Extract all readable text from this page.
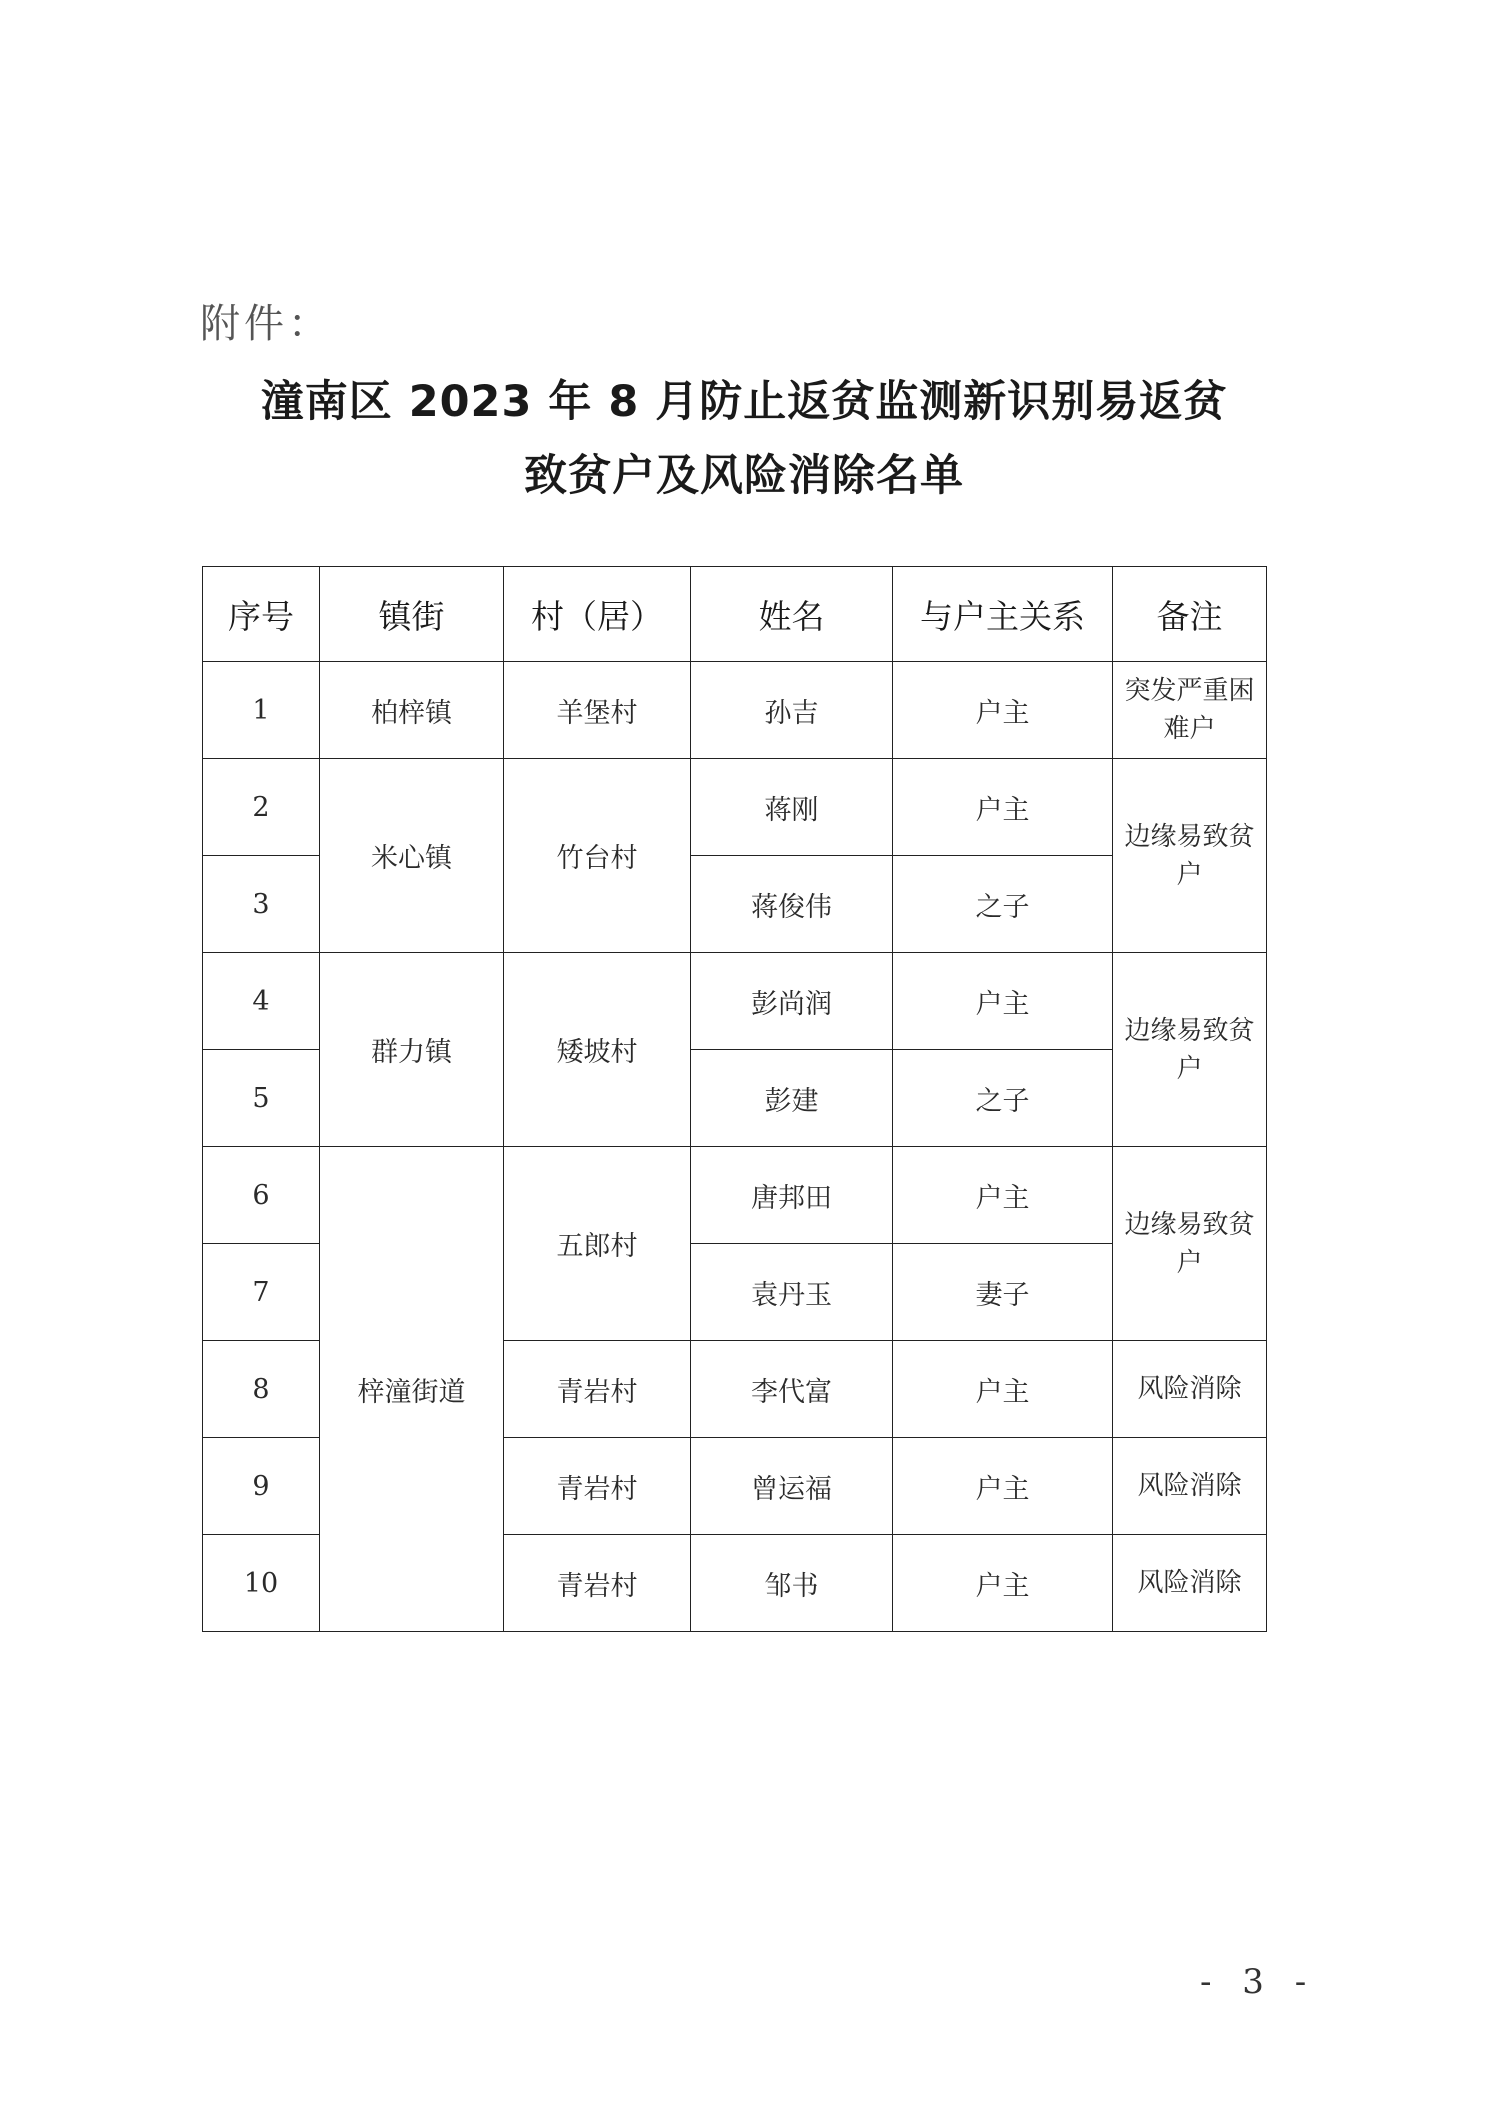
附件：
潼南区 2023 年 8 月防止返贫监测新识别易返贫
致贫户及风险消除名单
序号	镇街	村（居）	姓名	与户主关系	备注
1	柏梓镇	羊堡村	孙吉	户主	突发严重困难户
2	米心镇	竹台村	蒋刚	户主	边缘易致贫户
3			蒋俊伟	之子	
4	群力镇	矮坡村	彭尚润	户主	边缘易致贫户
5			彭建	之子	
6	梓潼街道	五郎村	唐邦田	户主	边缘易致贫户
7			袁丹玉	妻子	
8		青岩村	李代富	户主	风险消除
9		青岩村	曾运福	户主	风险消除
10		青岩村	邹书	户主	风险消除
- 3 -
